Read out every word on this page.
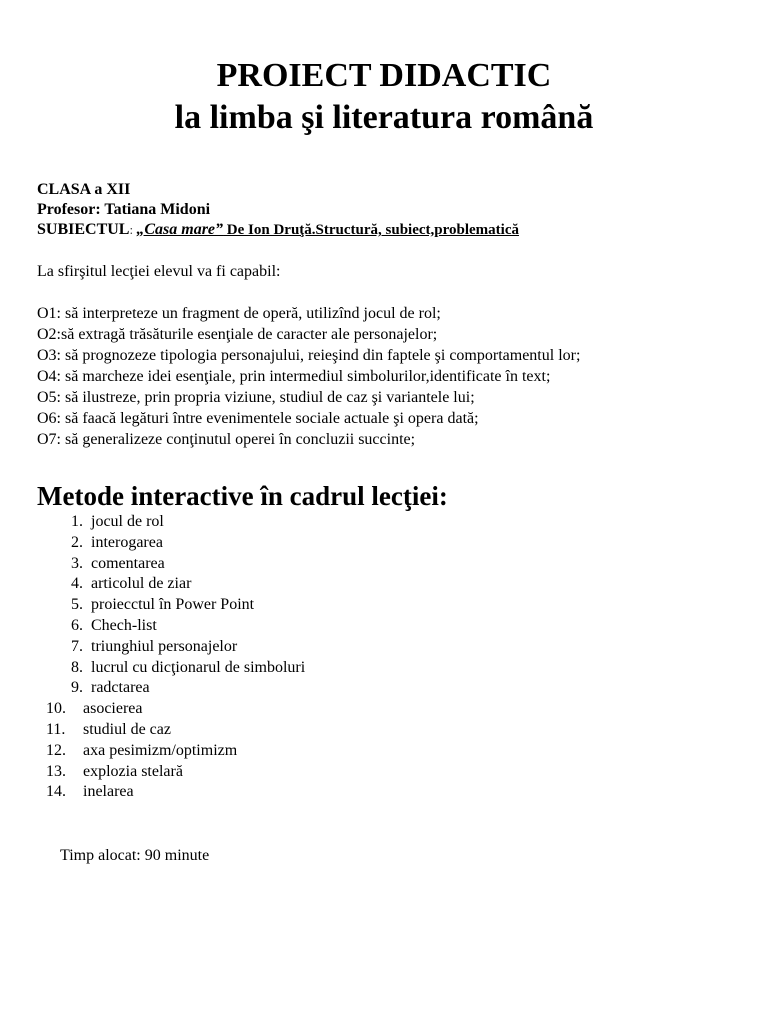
PROIECT DIDACTIC
la limba şi literatura română
CLASA a XII
Profesor: Tatiana Midoni
SUBIECTUL: „Casa mare” De Ion Druţă.Structură, subiect,problematică
La sfirşitul lecţiei elevul va fi capabil:
O1: să interpreteze un fragment de operă, utilizînd jocul de rol;
O2:să extragă trăsăturile esenţiale de caracter ale personajelor;
O3: să prognozeze tipologia personajului, reieşind din faptele şi comportamentul lor;
O4: să marcheze idei esenţiale, prin intermediul simbolurilor,identificate în text;
O5: să ilustreze, prin propria viziune, studiul de caz şi variantele lui;
O6: să faacă legături între evenimentele sociale actuale şi opera dată;
O7: să generalizeze conţinutul operei în concluzii succinte;
Metode interactive în cadrul lecţiei:
1. jocul de rol
2. interogarea
3. comentarea
4. articolul de ziar
5. proiecctul în Power Point
6. Chech-list
7. triunghiul personajelor
8. lucrul cu dicţionarul de simboluri
9. radctarea
10.	asocierea
11.	studiul de caz
12.	axa pesimizm/optimizm
13.	explozia stelară
14.	inelarea
Timp alocat: 90 minute
